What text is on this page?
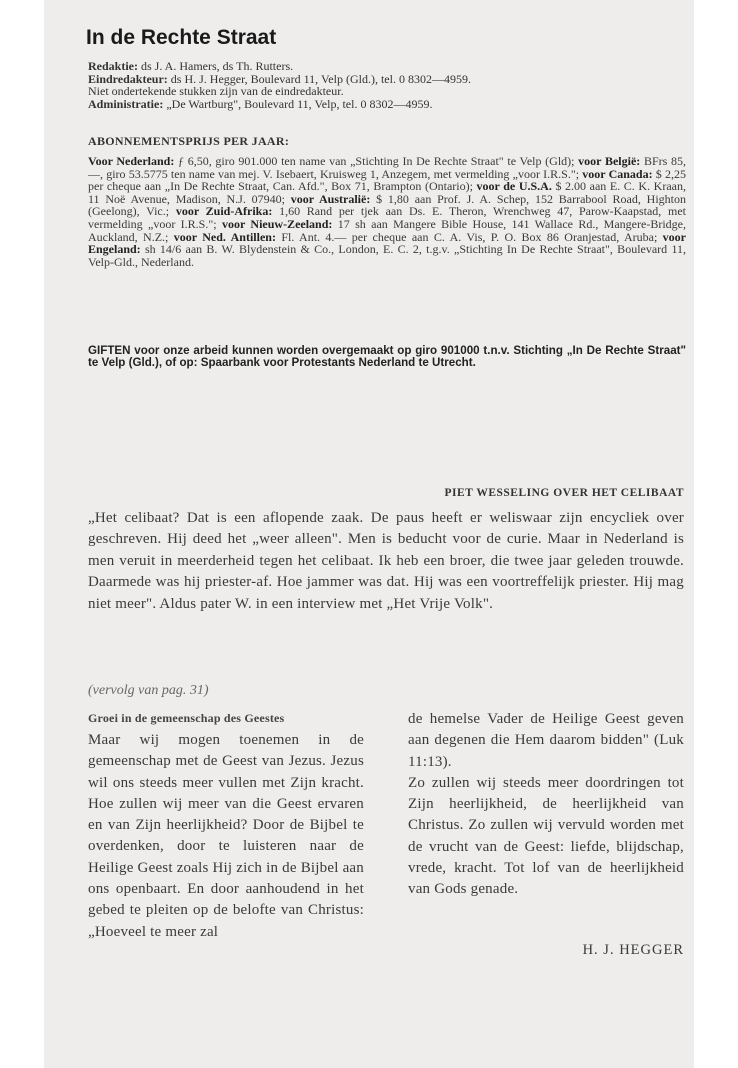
In de Rechte Straat

Redaktie: ds J. A. Hamers, ds Th. Rutters.

Eindredakteur: ds H. J. Hegger, Boulevard 11, Velp (Gld.), tel. 0 8302—4959.

Niet ondertekende stukken zijn van de eindredakteur.

Administratie: „De Wartburg", Boulevard 11, Velp, tel. 0 8302—4959.

ABONNEMENTSPRIJS PER JAAR:

Voor Nederland: ƒ 6,50, giro 901.000 ten name van „Stichting In De Rechte Straat" te Velp (Gld); voor België: BFrs 85,—, giro 53.5775 ten name van mej. V. Isebaert, Kruisweg 1, Anzegem, met vermelding „voor I.R.S."; voor Canada: $ 2,25 per cheque aan „In De Rechte Straat, Can. Afd.", Box 71, Brampton (Ontario); voor de U.S.A. $ 2.00 aan E. C. K. Kraan, 11 Noë Avenue, Madison, N.J. 07940; voor Australië: $ 1,80 aan Prof. J. A. Schep, 152 Barrabool Road, Highton (Geelong), Vic.; voor Zuid-Afrika: 1,60 Rand per tjek aan Ds. E. Theron, Wrenchweg 47, Parow-Kaapstad, met vermelding „voor I.R.S."; voor Nieuw-Zeeland: 17 sh aan Mangere Bible House, 141 Wallace Rd., Mangere-Bridge, Auckland, N.Z.; voor Ned. Antillen: Fl. Ant. 4.— per cheque aan C. A. Vis, P. O. Box 86 Oranjestad, Aruba; voor Engeland: sh 14/6 aan B. W. Blydenstein & Co., London, E. C. 2, t.g.v. „Stichting In De Rechte Straat", Boulevard 11, Velp-Gld., Nederland.

GIFTEN voor onze arbeid kunnen worden overgemaakt op giro 901000 t.n.v. Stichting „In De Rechte Straat" te Velp (Gld.), of op: Spaarbank voor Protestants Nederland te Utrecht.

PIET WESSELING OVER HET CELIBAAT

„Het celibaat? Dat is een aflopende zaak. De paus heeft er weliswaar zijn encycliek over geschreven. Hij deed het „weer alleen". Men is beducht voor de curie. Maar in Nederland is men veruit in meerderheid tegen het celibaat. Ik heb een broer, die twee jaar geleden trouwde. Daarmede was hij priester-af. Hoe jammer was dat. Hij was een voortreffelijk priester. Hij mag niet meer". Aldus pater W. in een interview met „Het Vrije Volk".

(vervolg van pag. 31)

Groei in de gemeenschap des Geestes

Maar wij mogen toenemen in de gemeenschap met de Geest van Jezus. Jezus wil ons steeds meer vullen met Zijn kracht. Hoe zullen wij meer van die Geest ervaren en van Zijn heerlijkheid? Door de Bijbel te overdenken, door te luisteren naar de Heilige Geest zoals Hij zich in de Bijbel aan ons openbaart. En door aanhoudend in het gebed te pleiten op de belofte van Christus: „Hoeveel te meer zal

de hemelse Vader de Heilige Geest geven aan degenen die Hem daarom bidden" (Luk 11:13).

Zo zullen wij steeds meer doordringen tot Zijn heerlijkheid, de heerlijkheid van Christus. Zo zullen wij vervuld worden met de vrucht van de Geest: liefde, blijdschap, vrede, kracht. Tot lof van de heerlijkheid van Gods genade.

H. J. HEGGER
